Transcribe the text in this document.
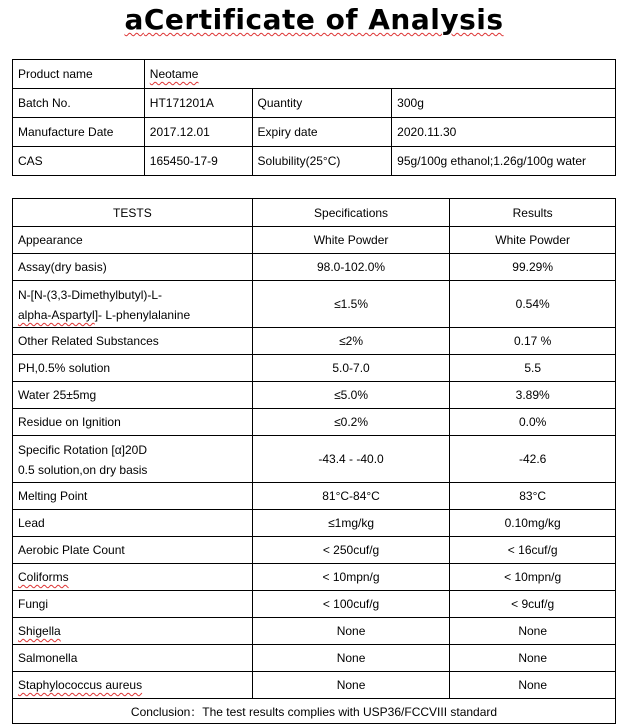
aCertificate of Analysis
Product name	Neotame		
Batch No.	HT171201A	Quantity	300g
Manufacture Date	2017.12.01	Expiry date	2020.11.30
CAS	165450-17-9	Solubility(25°C)	95g/100g ethanol;1.26g/100g water
TESTS	Specifications	Results
Appearance	White Powder	White Powder
Assay(dry basis)	98.0-102.0%	99.29%

N-[N-(3,3-Dimethylbutyl)-L-
alpha-Aspartyl]- L-phenylalanine	≤1.5%	0.54%
Other Related Substances	≤2%	0.17 %
PH,0.5% solution	5.0-7.0	5.5
Water 25±5mg	≤5.0%	3.89%
Residue on Ignition	≤0.2%	0.0%

Specific Rotation [α]20D
0.5 solution,on dry basis	-43.4 - -40.0	-42.6
Melting Point	81°C-84°C	83°C
Lead	≤1mg/kg	0.10mg/kg
Aerobic Plate Count	< 250cuf/g	< 16cuf/g
Coliforms	< 10mpn/g	< 10mpn/g
Fungi	< 100cuf/g	< 9cuf/g
Shigella	None	None
Salmonella	None	None
Staphylococcus aureus	None	None
Conclusion：The test results complies with USP36/FCCVIII standard		
